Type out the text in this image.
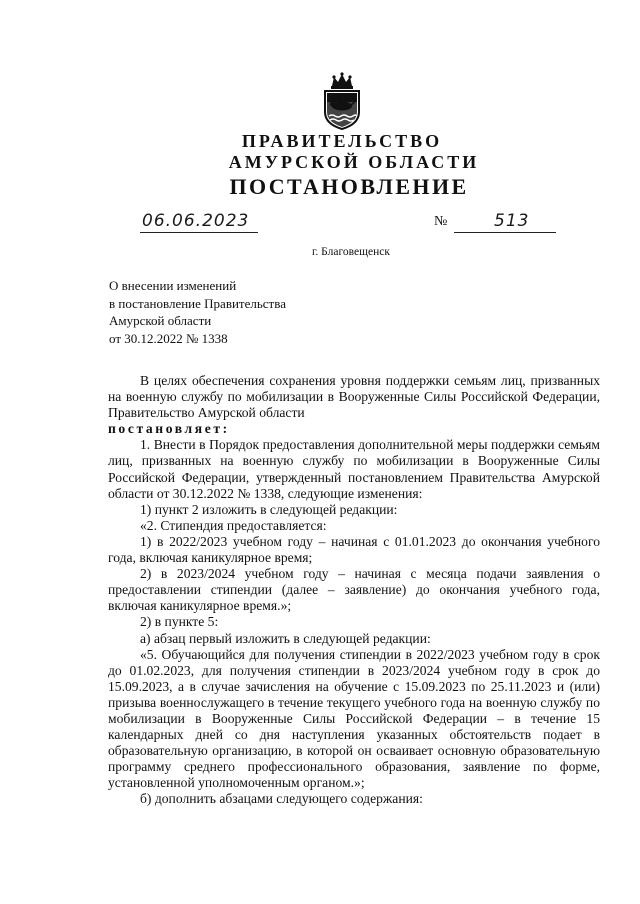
ПРАВИТЕЛЬСТВО
АМУРСКОЙ ОБЛАСТИ
ПОСТАНОВЛЕНИЕ
06.06.2023	№	513
г. Благовещенск
О внесении изменений
в постановление Правительства
Амурской области
от 30.12.2022 № 1338

В целях обеспечения сохранения уровня поддержки семьям лиц, призванных на военную службу по мобилизации в Вооруженные Силы Российской Федерации, Правительство Амурской области

постановляет:

1. Внести в Порядок предоставления дополнительной меры поддержки семьям лиц, призванных на военную службу по мобилизации в Вооруженные Силы Российской Федерации, утвержденный постановлением Правительства Амурской области от 30.12.2022 № 1338, следующие изменения:

1) пункт 2 изложить в следующей редакции:

«2. Стипендия предоставляется:

1) в 2022/2023 учебном году – начиная с 01.01.2023 до окончания учебного года, включая каникулярное время;

2) в 2023/2024 учебном году – начиная с месяца подачи заявления о предоставлении стипендии (далее – заявление) до окончания учебного года, включая каникулярное время.»;

2) в пункте 5:

а) абзац первый изложить в следующей редакции:

«5. Обучающийся для получения стипендии в 2022/2023 учебном году в срок до 01.02.2023, для получения стипендии в 2023/2024 учебном году в срок до 15.09.2023, а в случае зачисления на обучение с 15.09.2023 по 25.11.2023 и (или) призыва военнослужащего в течение текущего учебного года на военную службу по мобилизации в Вооруженные Силы Российской Федерации – в течение 15 календарных дней со дня наступления указанных обстоятельств подает в образовательную организацию, в которой он осваивает основную образовательную программу среднего профессионального образования, заявление по форме, установленной уполномоченным органом.»;

б) дополнить абзацами следующего содержания:
